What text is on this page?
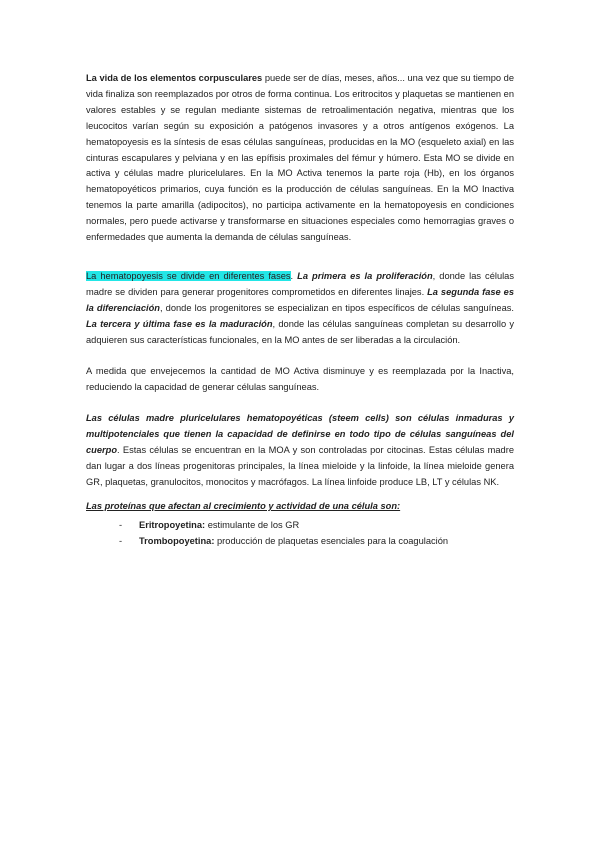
La vida de los elementos corpusculares puede ser de días, meses, años... una vez que su tiempo de vida finaliza son reemplazados por otros de forma continua. Los eritrocitos y plaquetas se mantienen en valores estables y se regulan mediante sistemas de retroalimentación negativa, mientras que los leucocitos varían según su exposición a patógenos invasores y a otros antígenos exógenos. La hematopoyesis es la síntesis de esas células sanguíneas, producidas en la MO (esqueleto axial) en las cinturas escapulares y pelviana y en las epífisis proximales del fémur y húmero. Esta MO se divide en activa y células madre pluricelulares. En la MO Activa tenemos la parte roja (Hb), en los órganos hematopoyéticos primarios, cuya función es la producción de células sanguíneas. En la MO Inactiva tenemos la parte amarilla (adipocitos), no participa activamente en la hematopoyesis en condiciones normales, pero puede activarse y transformarse en situaciones especiales como hemorragias graves o enfermedades que aumenta la demanda de células sanguíneas.

La hematopoyesis se divide en diferentes fases. La primera es la proliferación, donde las células madre se dividen para generar progenitores comprometidos en diferentes linajes. La segunda fase es la diferenciación, donde los progenitores se especializan en tipos específicos de células sanguíneas. La tercera y última fase es la maduración, donde las células sanguíneas completan su desarrollo y adquieren sus características funcionales, en la MO antes de ser liberadas a la circulación.

A medida que envejecemos la cantidad de MO Activa disminuye y es reemplazada por la Inactiva, reduciendo la capacidad de generar células sanguíneas.

Las células madre pluricelulares hematopoyéticas (steem cells) son células inmaduras y multipotenciales que tienen la capacidad de definirse en todo tipo de células sanguíneas del cuerpo. Estas células se encuentran en la MOA y son controladas por citocinas. Estas células madre dan lugar a dos líneas progenitoras principales, la línea mieloide y la linfoide, la línea mieloide genera GR, plaquetas, granulocitos, monocitos y macrófagos. La línea linfoide produce LB, LT y células NK.

Las proteínas que afectan al crecimiento y actividad de una célula son:

- Eritropoyetina: estimulante de los GR
- Trombopoyetina: producción de plaquetas esenciales para la coagulación
